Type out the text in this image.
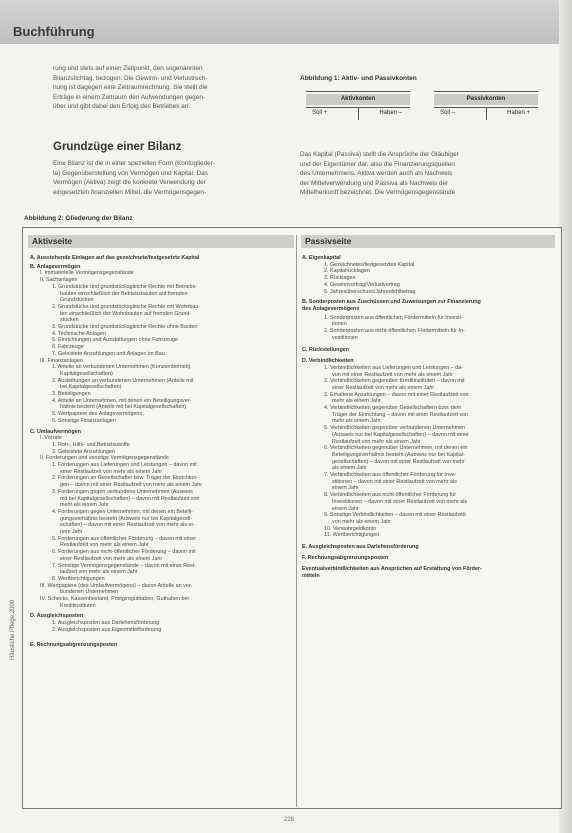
Buchführung

rung und stets auf einen Zeitpunkt, den sogenannten

Bilanzstichtag, bezogen. Die Gewinn- und Verlustrech-

nung ist dagegen eine Zeitraumrechnung. Sie stellt die

Erträge in einem Zeitraum den Aufwendungen gegen-

über und gibt dabei den Erfolg des Betriebes an.

Grundzüge einer Bilanz
Eine Bilanz ist die in einer speziellen Form (Kontoglieder-
te) Gegenüberstellung von Vermögen und Kapital. Das
Vermögen (Aktiva) zeigt die konkrete Verwendung der
eingesetzten finanziellen Mittel, die Vermögensgegen-
Abbildung 1: Aktiv- und Passivkonten
Aktivkonten
Soll +	Haben –
Passivkonten
Soll –	Haben +
Das Kapital (Passiva) stellt die Ansprüche der Gläubiger
und der Eigentümer dar, also die Finanzierungsquellen
des Unternehmens. Aktiva werden auch als Nachweis
der Mittelverwendung und Passiva als Nachweis der
Mittelherkunft bezeichnet. Die Vermögensgegenstände
Abbildung 2: Gliederung der Bilanz
Aktivseite	Passivseite
A. Ausstehende Einlagen auf das gezeichnete/festgesetzte Kapital
B. Anlagevermögen
I. Immaterielle Vermögensgegenstände
II. Sachanlagen
1. Grundstücke und grundstücksgleiche Rechte mit Betriebs-
bauten einschließlich der Betriebsbauten auf fremden
Grundstücken
2. Grundstücke und grundstücksgleiche Rechte mit Wohnbau-
ten einschließlich der Wohnbauten auf fremden Grund-
stücken
3. Grundstücke und grundstücksgleiche Rechte ohne Bauten
4. Technische Anlagen
5. Einrichtungen und Ausstattungen ohne Fahrzeuge
6. Fahrzeuge
7. Geleistete Anzahlungen und Anlagen im Bau
III. Finanzanlagen
1. Anteile an verbundenen Unternehmen (Konzernbetrieb)
Kapitalgesellschaften)
2. Ausleihungen an verbundenen Unternehmen (Anteile mit
bei Kapitalgesellschaften)
3. Beteiligungen
4. Anteile an Unternehmen, mit denen ein Beteiligungsver-
hältnis besteht (Anteile mit bei Kapitalgesellschaften)
5. Wertpapiere des Anlagevermögens
6. Sonstige Finanzanlagen
C. Umlaufvermögen
I. Vorräte
1. Roh-, Hilfs- und Betriebsstoffe
2. Geleistete Anzahlungen
II. Forderungen und sonstige Vermögensgegenstände
1. Forderungen aus Lieferungen und Leistungen – davon mit
einer Restlaufzeit von mehr als einem Jahr
2. Forderungen an Gesellschafter bzw. Träger der Einrichtun-
gen – davon mit einer Restlaufzeit von mehr als einem Jahr
3. Forderungen gegen verbundene Unternehmen (Ausweis
mit bei Kapitalgesellschaften) – davon mit Restlaufzeit von
mehr als einem Jahr
4. Forderungen gegen Unternehmen, mit denen ein Beteili-
gungsverhältnis besteht (Ausweis nur bei Kapitalgesell-
schaften) – davon mit einer Restlaufzeit von mehr als ei-
nem Jahr
5. Forderungen aus öffentlicher Förderung – davon mit einer
Restlaufzeit von mehr als einem Jahr
6. Forderungen aus nicht-öffentlicher Förderung – davon mit
einer Restlaufzeit von mehr als einem Jahr
7. Sonstige Vermögensgegenstände – davon mit einer Rest-
laufzeit von mehr als einem Jahr
8. Wertberichtigungen
III. Wertpapiere (des Umlaufvermögens) – davon Anteile an ver-
bundenen Unternehmen
IV. Schecks, Kassenbestand, Postgiroguthaben, Guthaben bei
Kreditinstituten
D. Ausgleichsposten
1. Ausgleichsposten aus Darlehensförderung
2. Ausgleichsposten aus Eigenmittelförderung
E. Rechnungsabgrenzungsposten
A. Eigenkapital
1. Gezeichnetes/festgesetztes Kapital
2. Kapitalrücklagen
3. Rücklagen
4. Gewinnvortrag/Verlustvortrag
5. Jahresüberschuss/Jahresfehlbetrag
B. Sonderposten aus Zuschüssen und Zuweisungen zur Finanzierung
des Anlagevermögens
1. Sonderposten aus öffentlichen Fördermitteln für Investi-
tionen
2. Sonderposten aus nicht-öffentlichen Fördermitteln für In-
vestitionen
C. Rückstellungen
D. Verbindlichkeiten
1. Verbindlichkeiten aus Lieferungen und Leistungen – da-
von mit einer Restlaufzeit von mehr als einem Jahr
2. Verbindlichkeiten gegenüber Kreditinstituten – davon mit
einer Restlaufzeit von mehr als einem Jahr
3. Erhaltene Anzahlungen – davon mit einer Restlaufzeit von
mehr als einem Jahr
4. Verbindlichkeiten gegenüber Gesellschaftern bzw. dem
Träger der Einrichtung – davon mit einer Restlaufzeit von
mehr als einem Jahr
5. Verbindlichkeiten gegenüber verbundenen Unternehmen
(Ausweis nur bei Kapitalgesellschaften) – davon mit einer
Restlaufzeit von mehr als einem Jahr
6. Verbindlichkeiten gegenüber Unternehmen, mit denen ein
Beteiligungsverhältnis besteht (Ausweis nur bei Kapital-
gesellschaften) – davon mit einer Restlaufzeit von mehr
als einem Jahr
7. Verbindlichkeiten aus öffentlicher Förderung für Inve-
stitionen – davon mit einer Restlaufzeit von mehr als
einem Jahr
8. Verbindlichkeiten aus nicht-öffentlicher Förderung für
Investitionen – davon mit einer Restlaufzeit von mehr als
einem Jahr
9. Sonstige Verbindlichkeiten – davon mit einer Restlaufzeit
von mehr als einem Jahr
10. Verwahrgeldkonto
11. Wertberichtigungen
E. Ausgleichsposten aus Darlehensförderung
F. Rechnungsabgrenzungsposten
Eventualverbindlichkeiten aus Ansprüchen auf Erstattung von Förder-
mitteln
Häusliche Pflege 2000
228
